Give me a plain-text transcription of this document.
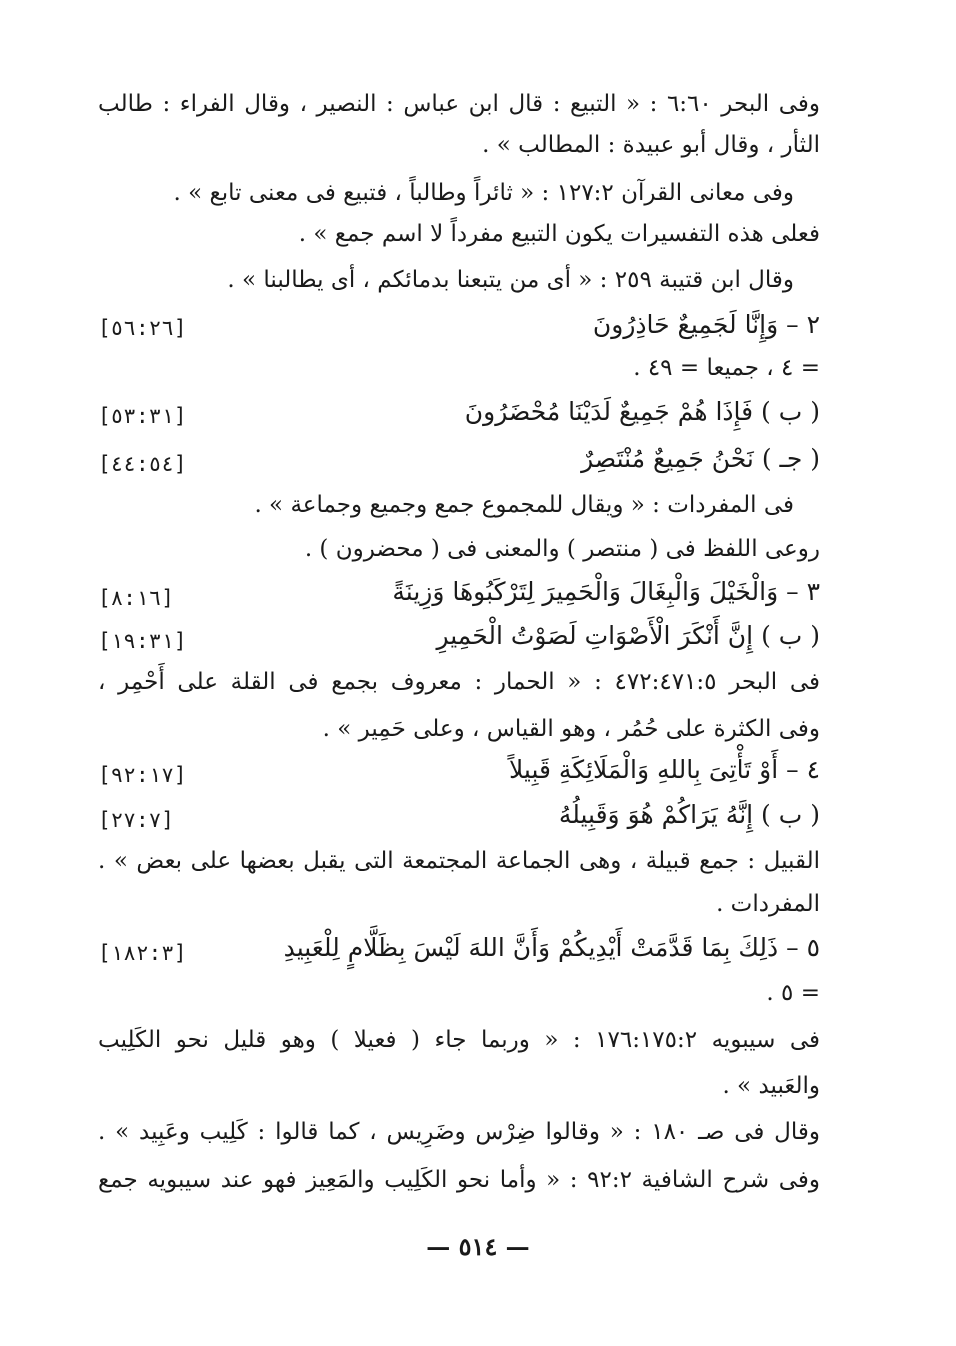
وفى البحر ٦:٦٠ : « التبيع : قال ابن عباس : النصير ، وقال الفراء : طالب
الثأر ، وقال أبو عبيدة : المطالب » .
وفى معانى القرآن ١٢٧:٢ : « ثائراً وطالباً ، فتبيع فى معنى تابع » .
فعلى هذه التفسيرات يكون التبيع مفرداً لا اسم جمع » .
وقال ابن قتيبة ٢٥٩ : « أى من يتبعنا بدمائكم ، أى يطالبنا » .
٢ – وَإِنَّا لَجَمِيعٌ حَاذِرُونَ
[٥٦:٢٦]
= ٤ ، جميعا = ٤٩ .
( ب ) فَإِذَا هُمْ جَمِيعٌ لَدَيْنَا مُحْضَرُونَ
[٥٣:٣١]
( جـ ) نَحْنُ جَمِيعٌ مُنْتَصِرٌ
[٤٤:٥٤]
فى المفردات : « ويقال للمجموع جمع وجميع وجماعة » .
روعى اللفظ فى ( منتصر ) والمعنى فى ( محضرون ) .
٣ – وَالْخَيْلَ وَالْبِغَالَ وَالْحَمِيرَ لِتَرْكَبُوهَا وَزِينَةً
[٨:١٦]
( ب ) إِنَّ أَنْكَرَ الْأَصْوَاتِ لَصَوْتُ الْحَمِيرِ
[١٩:٣١]
فى البحر ٤٧٢:٤٧١:٥ : « الحمار : معروف بجمع فى القلة على أَحْمِر ،
وفى الكثرة على حُمُر ، وهو القياس ، وعلى حَمِير » .
٤ – أَوْ تَأْتِىَ بِاللهِ وَالْمَلَائِكَةِ قَبِيلاً
[٩٢:١٧]
( ب ) إِنَّهُ يَرَاكُمْ هُوَ وَقَبِيلُهُ
[٢٧:٧]
القبيل : جمع قبيلة ، وهى الجماعة المجتمعة التى يقبل بعضها على بعض » .
المفردات .
٥ – ذَلِكَ بِمَا قَدَّمَتْ أَيْدِيكُمْ وَأَنَّ اللهَ لَيْسَ بِظَلَّامٍ لِلْعَبِيدِ
[١٨٢:٣]
= ٥ .
فى سيبويه ١٧٦:١٧٥:٢ : « وربما جاء ( فعيلا ) وهو قليل نحو الكَلِيب
والعَبيد » .
وقال فى صـ ١٨٠ : « وقالوا ضِرْس وضَرِيس ، كما قالوا : كَلِيب وعَبِيد » .
وفى شرح الشافية ٩٢:٢ : « وأما نحو الكَلِيب والمَعِيز فهو عند سيبويه جمع
— ٥١٤ —
